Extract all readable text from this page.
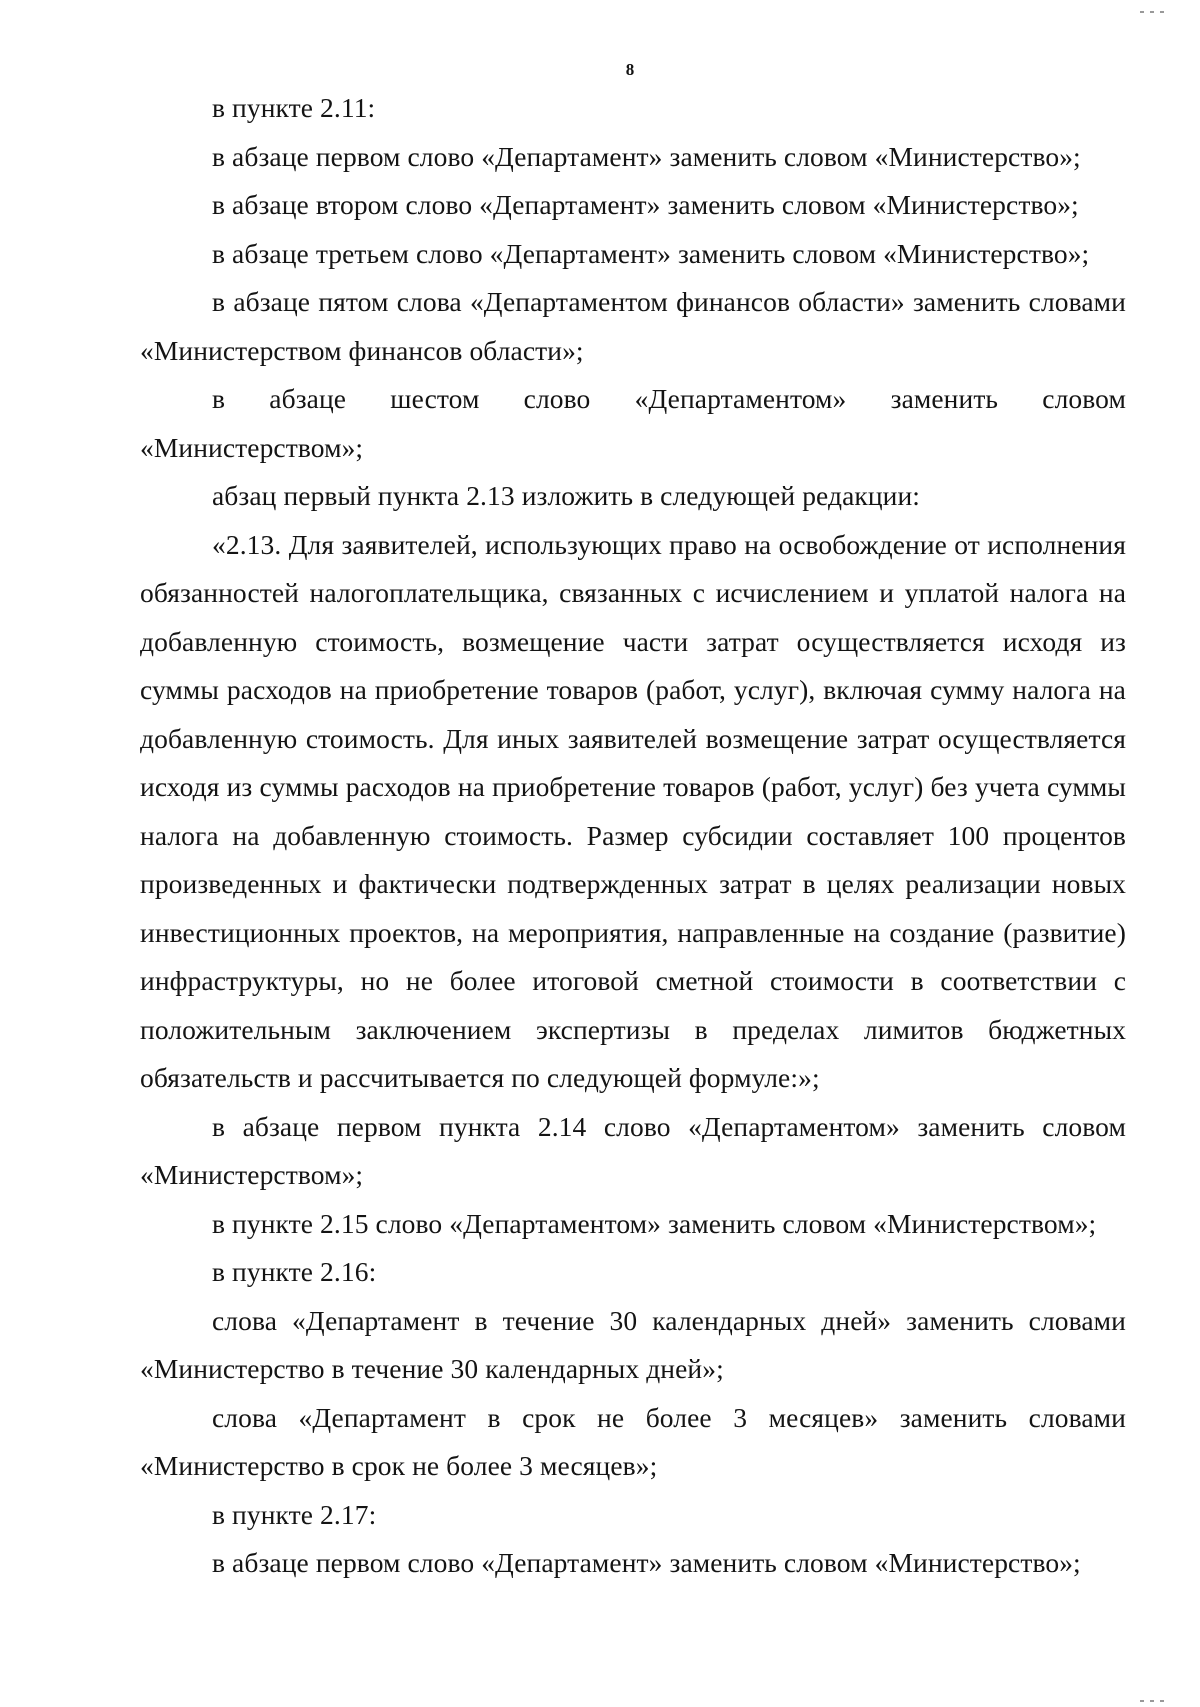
8

в пункте 2.11:

в абзаце первом слово «Департамент» заменить словом «Министерство»;

в абзаце втором слово «Департамент» заменить словом «Министерство»;

в абзаце третьем слово «Департамент» заменить словом «Министерство»;

в абзаце пятом слова «Департаментом финансов области» заменить словами «Министерством финансов области»;

в абзаце шестом слово «Департаментом» заменить словом «Министерством»;

абзац первый пункта 2.13 изложить в следующей редакции:

«2.13. Для заявителей, использующих право на освобождение от исполнения обязанностей налогоплательщика, связанных с исчислением и уплатой налога на добавленную стоимость, возмещение части затрат осуществляется исходя из суммы расходов на приобретение товаров (работ, услуг), включая сумму налога на добавленную стоимость. Для иных заявителей возмещение затрат осуществляется исходя из суммы расходов на приобретение товаров (работ, услуг) без учета суммы налога на добавленную стоимость. Размер субсидии составляет 100 процентов произведенных и фактически подтвержденных затрат в целях реализации новых инвестиционных проектов, на мероприятия, направленные на создание (развитие) инфраструктуры, но не более итоговой сметной стоимости в соответствии с положительным заключением экспертизы в пределах лимитов бюджетных обязательств и рассчитывается по следующей формуле:»;

в абзаце первом пункта 2.14 слово «Департаментом» заменить словом «Министерством»;

в пункте 2.15 слово «Департаментом» заменить словом «Министерством»;

в пункте 2.16:

слова «Департамент в течение 30 календарных дней» заменить словами «Министерство в течение 30 календарных дней»;

слова «Департамент в срок не более 3 месяцев» заменить словами «Министерство в срок не более 3 месяцев»;

в пункте 2.17:

в абзаце первом слово «Департамент» заменить словом «Министерство»;
